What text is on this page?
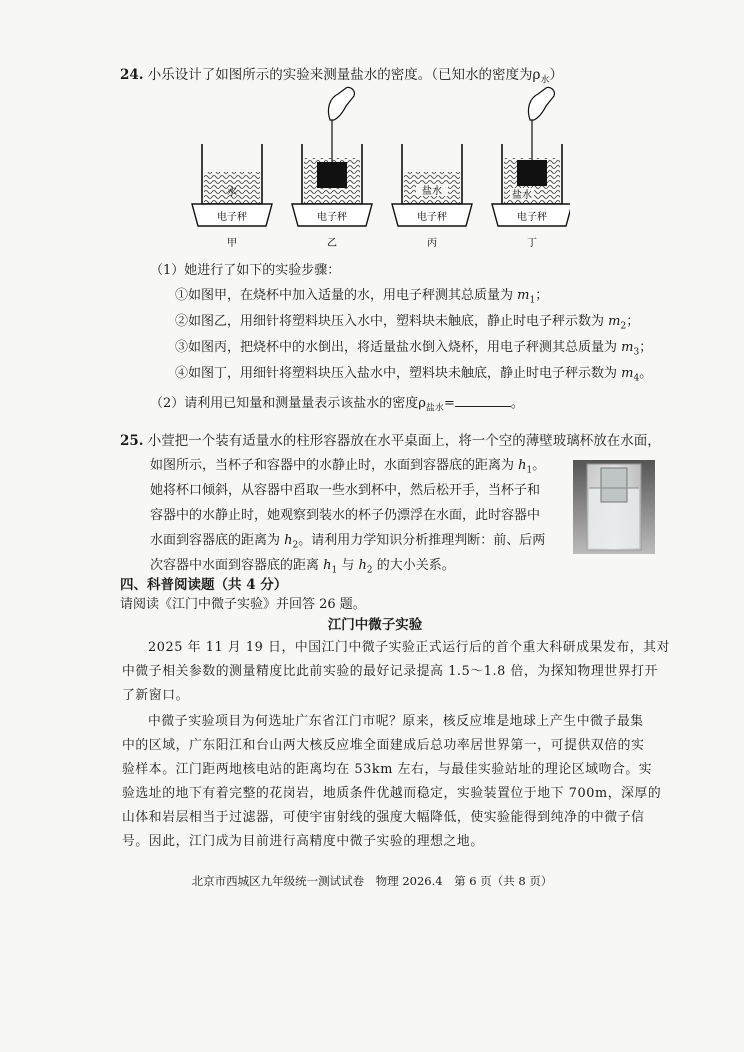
24. 小乐设计了如图所示的实验来测量盐水的密度。（已知水的密度为$\rho_水$）
水
电子秤
甲
电子秤
乙
盐水
电子秤
丙
盐水
电子秤
丁
（1）她进行了如下的实验步骤：
①如图甲，在烧杯中加入适量的水，用电子秤测其总质量为 $m_1$；
②如图乙，用细针将塑料块压入水中，塑料块未触底，静止时电子秤示数为 $m_2$；
③如图丙，把烧杯中的水倒出，将适量盐水倒入烧杯，用电子秤测其总质量为 $m_3$；
④如图丁，用细针将塑料块压入盐水中，塑料块未触底，静止时电子秤示数为 $m_4$。
（2）请利用已知量和测量量表示该盐水的密度$\rho_{盐水}=$	。
25. 小萱把一个装有适量水的柱形容器放在水平桌面上，将一个空的薄壁玻璃杯放在水面，
如图所示，当杯子和容器中的水静止时，水面到容器底的距离为 $h_1$。
她将杯口倾斜，从容器中舀取一些水到杯中，然后松开手，当杯子和
容器中的水静止时，她观察到装水的杯子仍漂浮在水面，此时容器中
水面到容器底的距离为 $h_2$。请利用力学知识分析推理判断：前、后两
次容器中水面到容器底的距离 $h_1$ 与 $h_2$ 的大小关系。
四、科普阅读题（共 4 分）
请阅读《江门中微子实验》并回答 26 题。
江门中微子实验
2025 年 11 月 19 日，中国江门中微子实验正式运行后的首个重大科研成果发布，其对
中微子相关参数的测量精度比此前实验的最好记录提高 1.5～1.8 倍，为探知物理世界打开
了新窗口。
中微子实验项目为何选址广东省江门市呢？原来，核反应堆是地球上产生中微子最集
中的区域，广东阳江和台山两大核反应堆全面建成后总功率居世界第一，可提供双倍的实
验样本。江门距两地核电站的距离均在 53km 左右，与最佳实验站址的理论区域吻合。实
验选址的地下有着完整的花岗岩，地质条件优越而稳定，实验装置位于地下 700m，深厚的
山体和岩层相当于过滤器，可使宇宙射线的强度大幅降低，使实验能得到纯净的中微子信
号。因此，江门成为目前进行高精度中微子实验的理想之地。
北京市西城区九年级统一测试试卷　物理 2026.4　第 6 页（共 8 页）
